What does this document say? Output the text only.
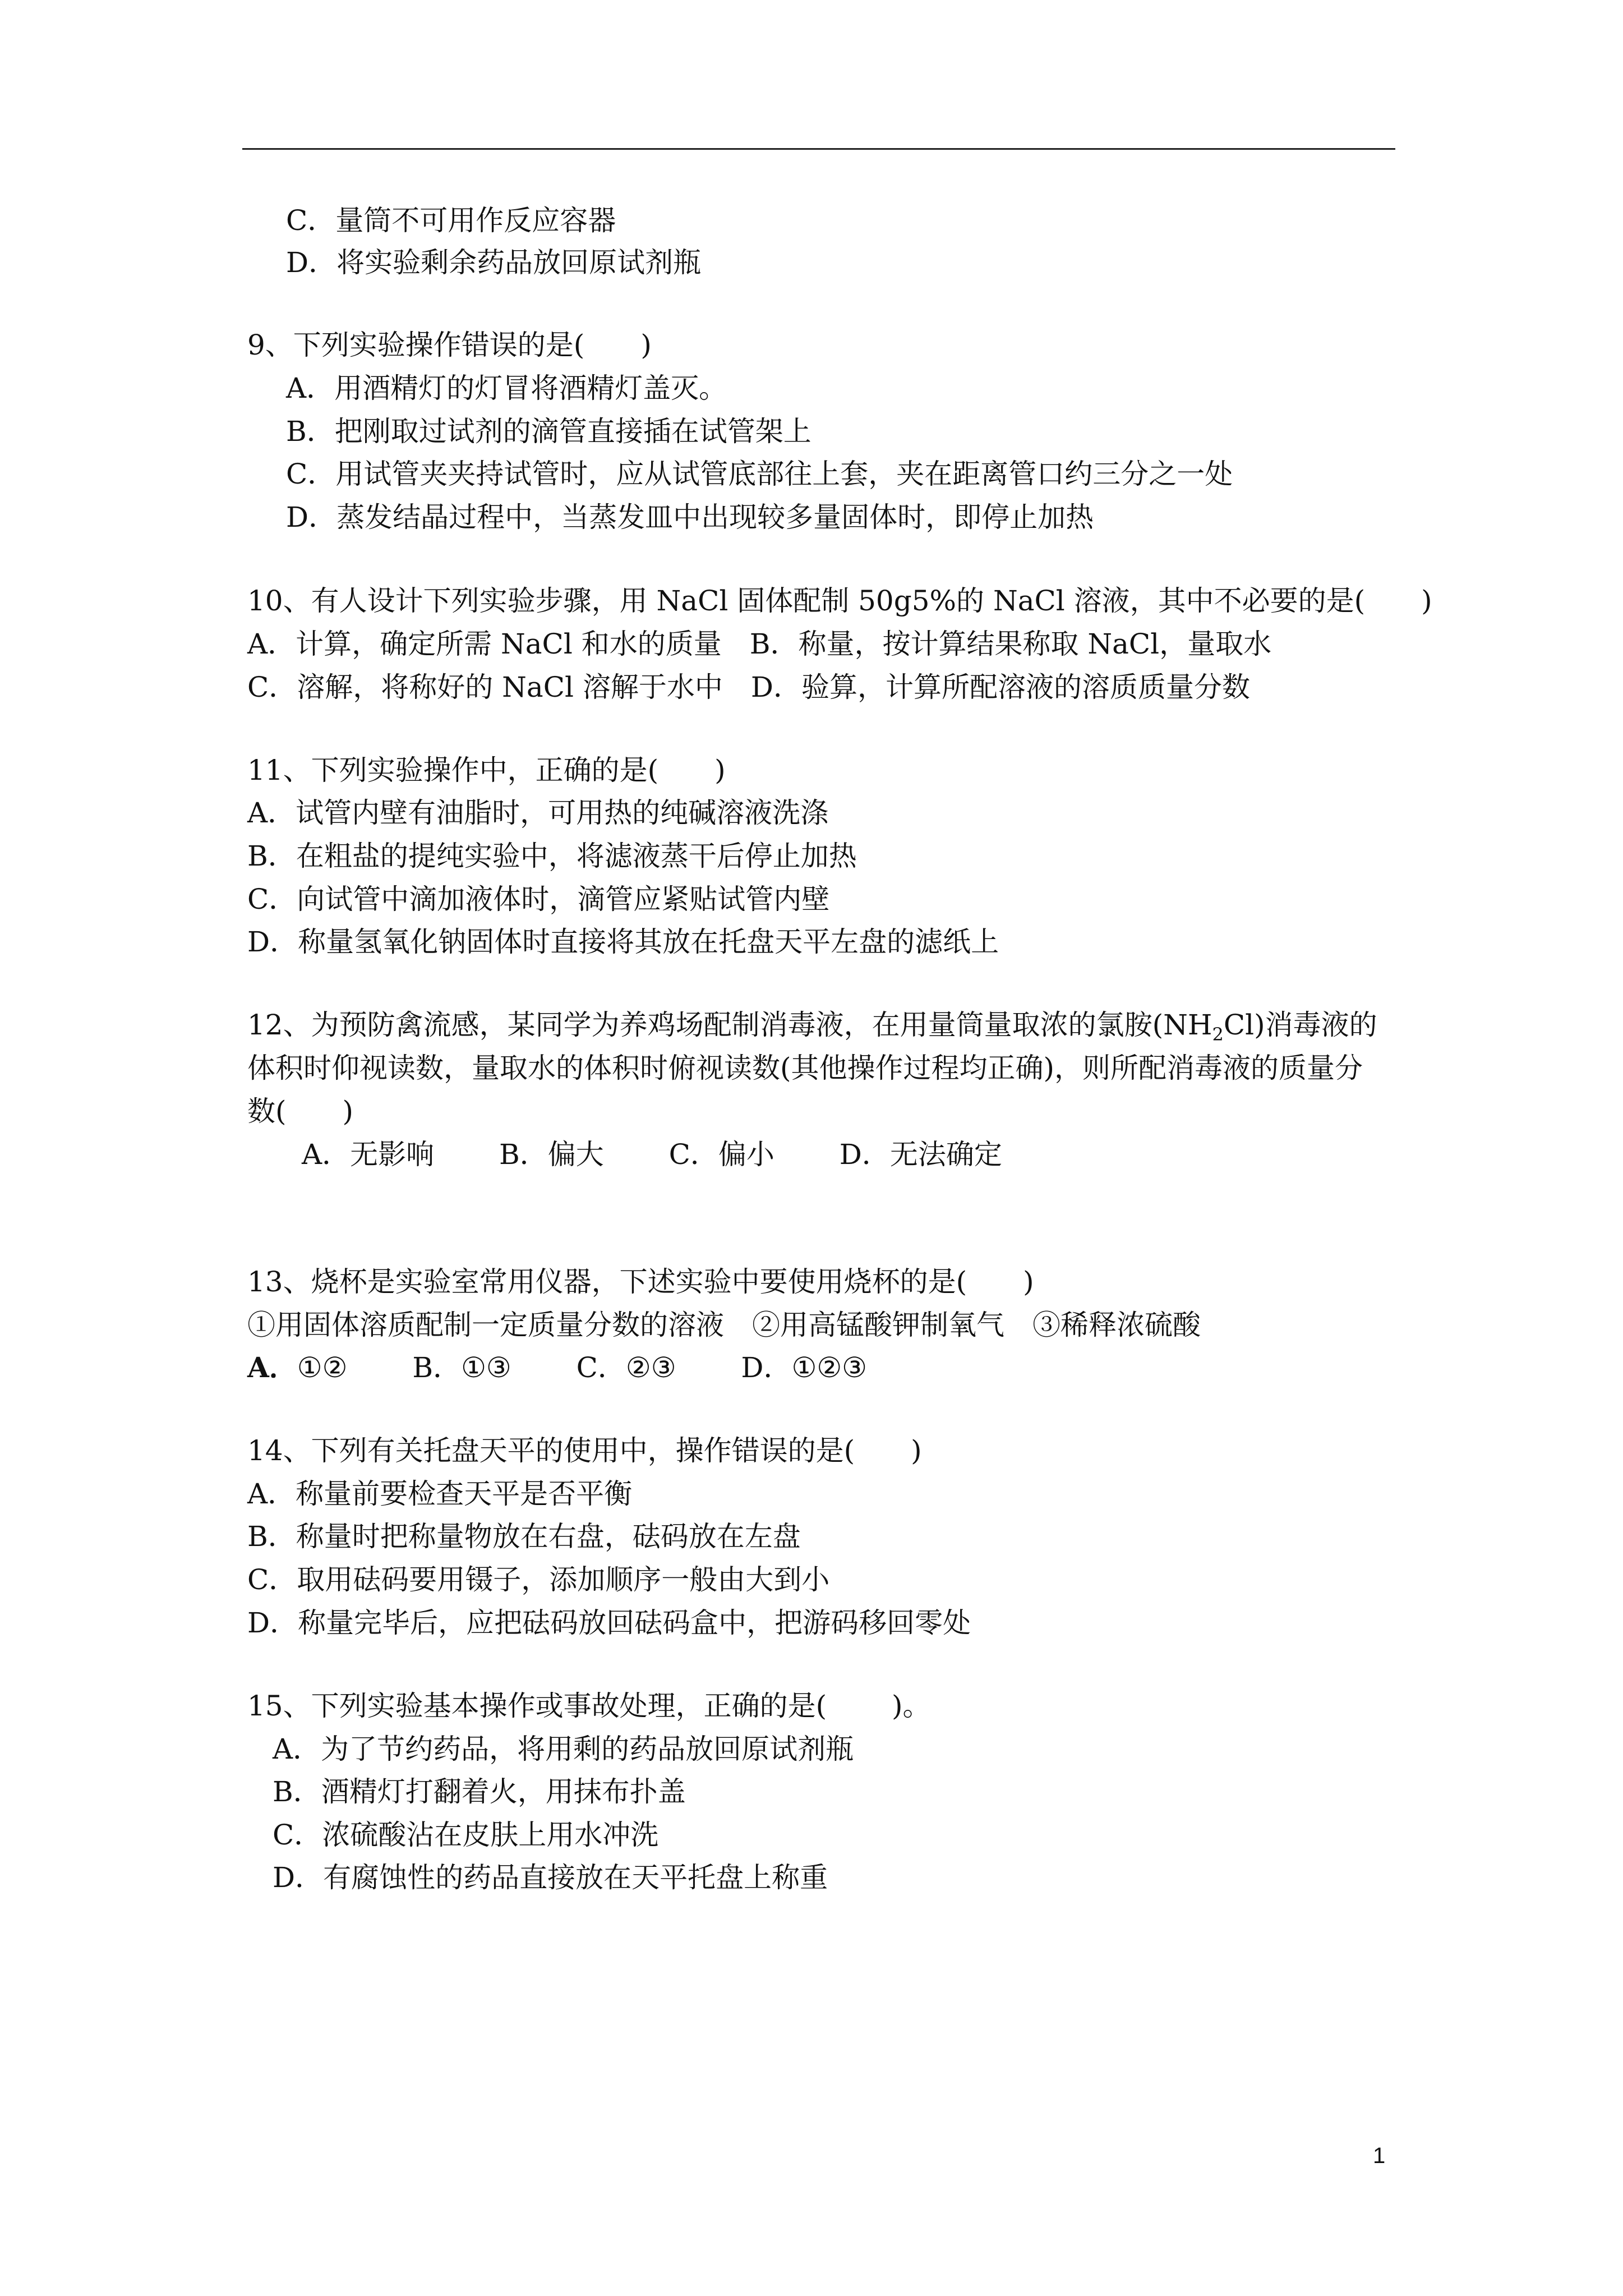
C．量筒不可用作反应容器
D．将实验剩余药品放回原试剂瓶
9、下列实验操作错误的是(　　)
A．用酒精灯的灯冒将酒精灯盖灭。
B．把刚取过试剂的滴管直接插在试管架上
C．用试管夹夹持试管时，应从试管底部往上套，夹在距离管口约三分之一处
D．蒸发结晶过程中，当蒸发皿中出现较多量固体时，即停止加热
10、有人设计下列实验步骤，用 NaCl 固体配制 50g5%的 NaCl 溶液，其中不必要的是(　　)
A．计算，确定所需 NaCl 和水的质量　B．称量，按计算结果称取 NaCl，量取水
C．溶解，将称好的 NaCl 溶解于水中　D．验算，计算所配溶液的溶质质量分数
11、下列实验操作中，正确的是(　　)
A．试管内壁有油脂时，可用热的纯碱溶液洗涤
B．在粗盐的提纯实验中，将滤液蒸干后停止加热
C．向试管中滴加液体时，滴管应紧贴试管内壁
D．称量氢氧化钠固体时直接将其放在托盘天平左盘的滤纸上
12、为预防禽流感，某同学为养鸡场配制消毒液，在用量筒量取浓的氯胺$(NH_2Cl)$消毒液的
体积时仰视读数，量取水的体积时俯视读数(其他操作过程均正确)，则所配消毒液的质量分
数(　　)
A．无影响　　 B．偏大　　 C．偏小　　 D．无法确定
13、烧杯是实验室常用仪器，下述实验中要使用烧杯的是(　　)
①用固体溶质配制一定质量分数的溶液　②用高锰酸钾制氧气　③稀释浓硫酸
A．①②　　 B．①③　　 C．②③　　 D．①②③
14、下列有关托盘天平的使用中，操作错误的是(　　)
A．称量前要检查天平是否平衡
B．称量时把称量物放在右盘，砝码放在左盘
C．取用砝码要用镊子，添加顺序一般由大到小
D．称量完毕后，应把砝码放回砝码盒中，把游码移回零处
15、下列实验基本操作或事故处理，正确的是(　　 )。
A．为了节约药品，将用剩的药品放回原试剂瓶
B．酒精灯打翻着火，用抹布扑盖
C．浓硫酸沾在皮肤上用水冲洗
D．有腐蚀性的药品直接放在天平托盘上称重
1
